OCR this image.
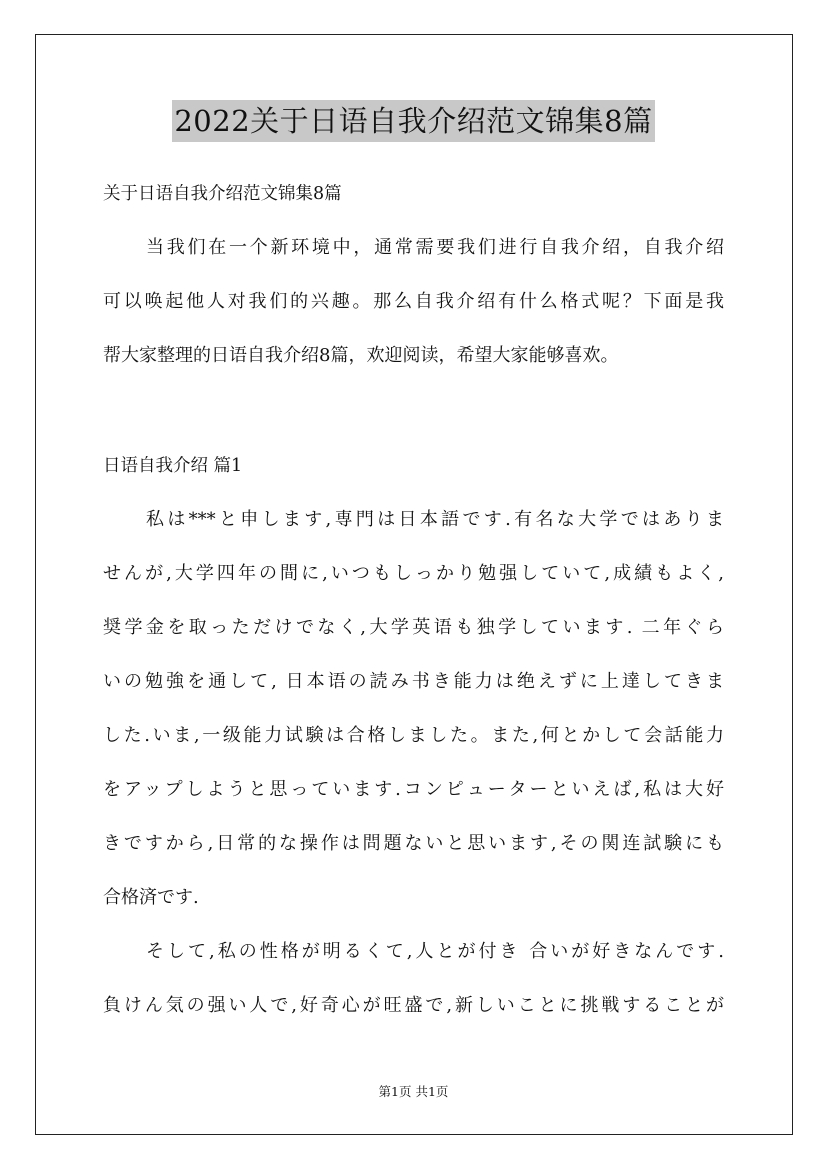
2022关于日语自我介绍范文锦集8篇
关于日语自我介绍范文锦集8篇
当我们在一个新环境中，通常需要我们进行自我介绍，自我介绍
可以唤起他人对我们的兴趣。那么自我介绍有什么格式呢？下面是我
帮大家整理的日语自我介绍8篇，欢迎阅读，希望大家能够喜欢。
日语自我介绍 篇1
私は***と申します,専門は日本語です.有名な大学ではありま
せんが,大学四年の間に,いつもしっかり勉强していて,成績もよく,
奨学金を取っただけでなく,大学英语も独学しています. 二年ぐら
いの勉強を通して, 日本语の読み书き能力は绝えずに上達してきま
した.いま,一级能力试験は合格しました。また,何とかして会話能力
をアップしようと思っています.コンピューターといえば,私は大好
きですから,日常的な操作は問題ないと思います,その関连試験にも
合格済です.
そして,私の性格が明るくて,人とが付き 合いが好きなんです.
負けん気の强い人で,好奇心が旺盛で,新しいことに挑戦することが
第1页 共1页
